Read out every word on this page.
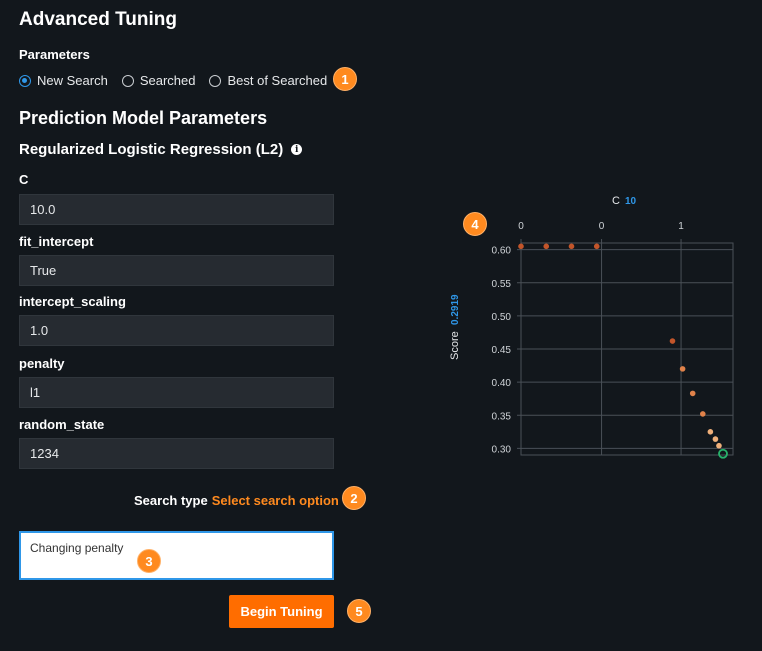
Advanced Tuning
Parameters
New Search Searched Best of Searched	1
Prediction Model Parameters
Regularized Logistic Regression (L2)	i
C
10.0
fit_intercept
True
intercept_scaling
1.0
penalty
l1
random_state
1234
Search type Select search option 2
Changing penalty
3
Begin Tuning	5
0	0	1
0.60
0.55
0.50
0.45
0.40
0.35
0.30
C 10
Score
0.2919
4
